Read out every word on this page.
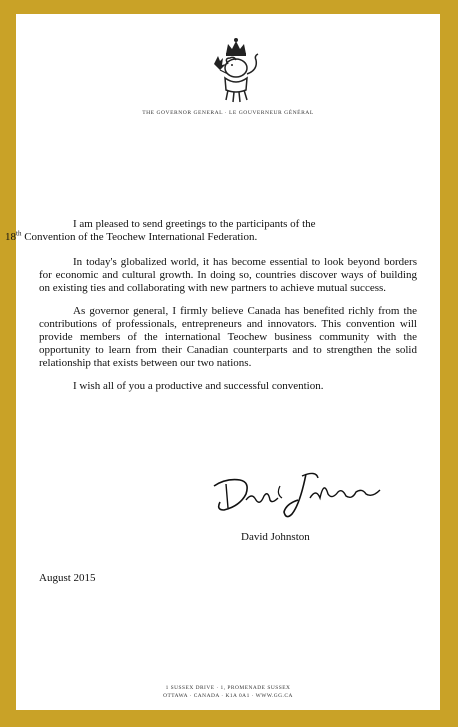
THE GOVERNOR GENERAL · LE GOUVERNEUR GÉNÉRAL

I am pleased to send greetings to the participants of the
18th Convention of the Teochew International Federation.

In today's globalized world, it has become essential to look beyond borders for economic and cultural growth. In doing so, countries discover ways of building on existing ties and collaborating with new partners to achieve mutual success.

As governor general, I firmly believe Canada has benefited richly from the contributions of professionals, entrepreneurs and innovators. This convention will provide members of the international Teochew business community with the opportunity to learn from their Canadian counterparts and to strengthen the solid relationship that exists between our two nations.

I wish all of you a productive and successful convention.

David Johnston
August 2015
1 SUSSEX DRIVE · 1, PROMENADE SUSSEX
OTTAWA · CANADA · K1A 0A1 · WWW.GG.CA
